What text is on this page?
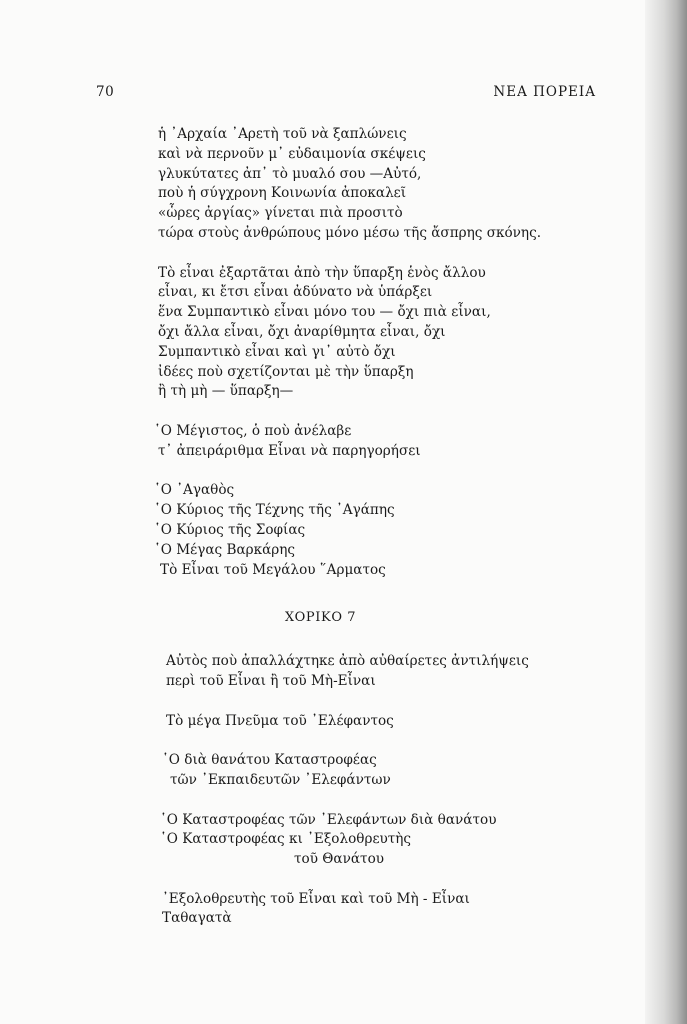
70	ΝΕΑ ΠΟΡΕΙΑ
ἡ ᾿Αρχαία ᾿Αρετὴ τοῦ νὰ ξαπλώνεις
καὶ νὰ περνοῦν μ᾿ εὐδαιμονία σκέψεις
γλυκύτατες ἀπ᾿ τὸ μυαλό σου —Αὐτό,
ποὺ ἡ σύγχρονη Κοινωνία ἀποκαλεῖ
«ὧρες ἀργίας» γίνεται πιὰ προσιτὸ
τώρα στοὺς ἀνθρώπους μόνο μέσω τῆς ἄσπρης σκόνης.
Τὸ εἶναι ἐξαρτᾶται ἀπὸ τὴν ὕπαρξη ἑνὸς ἄλλου
εἶναι, κι ἔτσι εἶναι ἀδύνατο νὰ ὑπάρξει
ἕνα Συμπαντικὸ εἶναι μόνο του — ὄχι πιὰ εἶναι,
ὄχι ἄλλα εἶναι, ὄχι ἀναρίθμητα εἶναι, ὄχι
Συμπαντικὸ εἶναι καὶ γι᾿ αὐτὸ ὄχι
ἰδέες ποὺ σχετίζονται μὲ τὴν ὕπαρξη
ἢ τὴ μὴ — ὕπαρξη—
῾Ο Μέγιστος, ὁ ποὺ ἀνέλαβε
τ᾿ ἀπειράριθμα Εἶναι νὰ παρηγορήσει
῾Ο ᾿Αγαθὸς
῾Ο Κύριος τῆς Τέχνης τῆς ᾿Αγάπης
῾Ο Κύριος τῆς Σοφίας
῾Ο Μέγας Βαρκάρης
Τὸ Εἶναι τοῦ Μεγάλου ῞Αρματος
ΧΟΡΙΚΟ 7
Αὐτὸς ποὺ ἀπαλλάχτηκε ἀπὸ αὐθαίρετες ἀντιλήψεις
περὶ τοῦ Εἶναι ἢ τοῦ Μὴ-Εἶναι
Τὸ μέγα Πνεῦμα τοῦ ᾿Ελέφαντος
῾Ο διὰ θανάτου Καταστροφέας
τῶν ᾿Εκπαιδευτῶν ᾿Ελεφάντων
῾Ο Καταστροφέας τῶν ᾿Ελεφάντων διὰ θανάτου
῾Ο Καταστροφέας κι ᾿Εξολοθρευτὴς
τοῦ Θανάτου
᾿Εξολοθρευτὴς τοῦ Εἶναι καὶ τοῦ Μὴ - Εἶναι
Ταθαγατὰ
